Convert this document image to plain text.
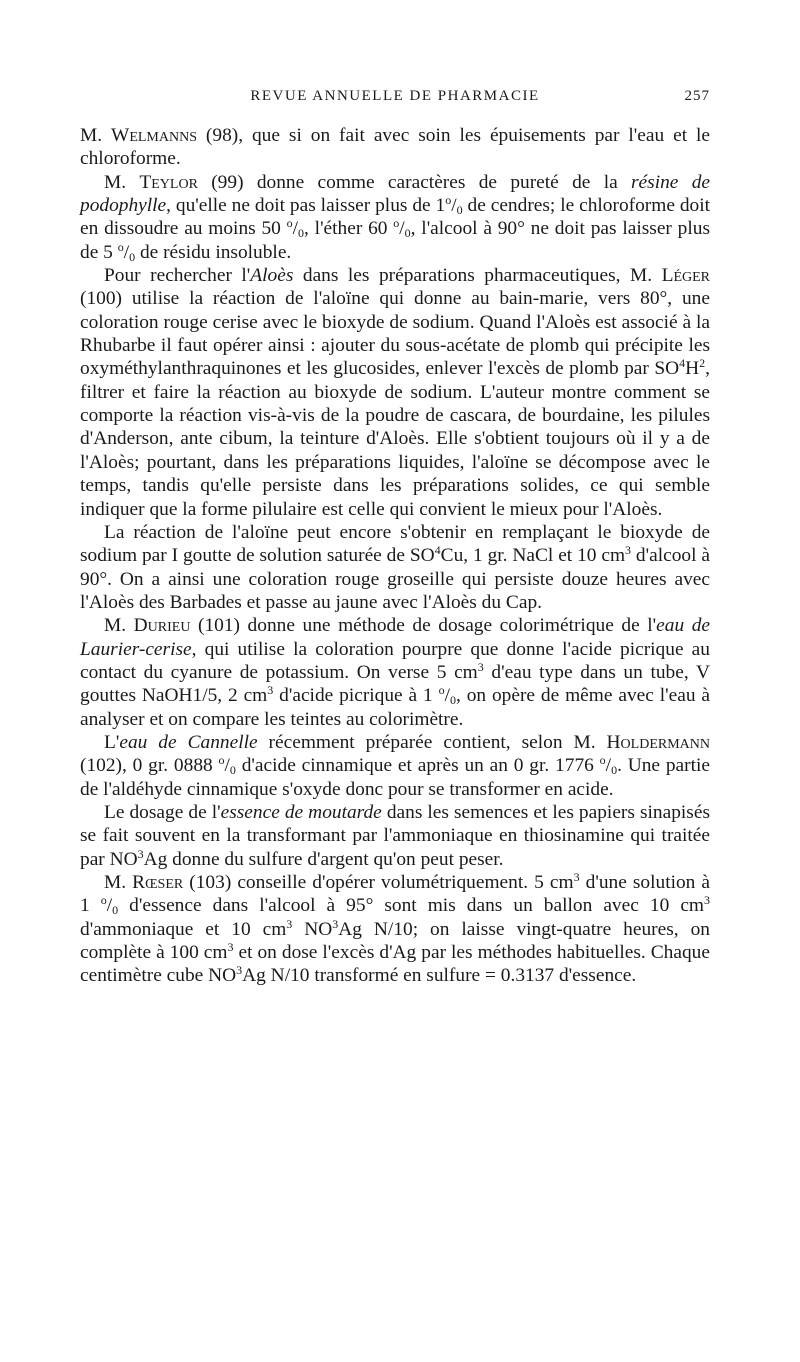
REVUE ANNUELLE DE PHARMACIE	257

M. Welmanns (98), que si on fait avec soin les épuisements par l'eau et le chloroforme.

M. Teylor (99) donne comme caractères de pureté de la résine de podophylle, qu'elle ne doit pas laisser plus de $1^o/_0$ de cendres; le chloroforme doit en dissoudre au moins 50 $^o/_0$, l'éther 60 $^o/_0$, l'alcool à 90° ne doit pas laisser plus de 5 $^o/_0$ de résidu insoluble.

Pour rechercher l'Aloès dans les préparations pharmaceutiques, M. Léger (100) utilise la réaction de l'aloïne qui donne au bain-marie, vers 80°, une coloration rouge cerise avec le bioxyde de sodium. Quand l'Aloès est associé à la Rhubarbe il faut opérer ainsi : ajouter du sous-acétate de plomb qui précipite les oxyméthylanthraquinones et les glucosides, enlever l'excès de plomb par $SO^4H^2$, filtrer et faire la réaction au bioxyde de sodium. L'auteur montre comment se comporte la réaction vis-à-vis de la poudre de cascara, de bourdaine, les pilules d'Anderson, ante cibum, la teinture d'Aloès. Elle s'obtient toujours où il y a de l'Aloès; pourtant, dans les préparations liquides, l'aloïne se décompose avec le temps, tandis qu'elle persiste dans les préparations solides, ce qui semble indiquer que la forme pilulaire est celle qui convient le mieux pour l'Aloès.

La réaction de l'aloïne peut encore s'obtenir en remplaçant le bioxyde de sodium par I goutte de solution saturée de $SO^4Cu$, 1 gr. NaCl et 10 $cm^3$ d'alcool à 90°. On a ainsi une coloration rouge groseille qui persiste douze heures avec l'Aloès des Barbades et passe au jaune avec l'Aloès du Cap.

M. Durieu (101) donne une méthode de dosage colorimétrique de l'eau de Laurier-cerise, qui utilise la coloration pourpre que donne l'acide picrique au contact du cyanure de potassium. On verse 5 $cm^3$ d'eau type dans un tube, V gouttes NaOH1/5, 2 $cm^3$ d'acide picrique à 1 $^o/_0$, on opère de même avec l'eau à analyser et on compare les teintes au colorimètre.

L'eau de Cannelle récemment préparée contient, selon M. Holdermann (102), 0 gr. 0888 $^o/_0$ d'acide cinnamique et après un an 0 gr. 1776 $^o/_0$. Une partie de l'aldéhyde cinnamique s'oxyde donc pour se transformer en acide.

Le dosage de l'essence de moutarde dans les semences et les papiers sinapisés se fait souvent en la transformant par l'ammoniaque en thiosinamine qui traitée par $NO^3Ag$ donne du sulfure d'argent qu'on peut peser.

M. Rœser (103) conseille d'opérer volumétriquement. 5 $cm^3$ d'une solution à 1 $^o/_0$ d'essence dans l'alcool à 95° sont mis dans un ballon avec 10 $cm^3$ d'ammoniaque et 10 $cm^3$ $NO^3Ag$ N/10; on laisse vingt-quatre heures, on complète à 100 $cm^3$ et on dose l'excès d'Ag par les méthodes habituelles. Chaque centimètre cube $NO^3Ag$ N/10 transformé en sulfure = 0.3137 d'essence.
